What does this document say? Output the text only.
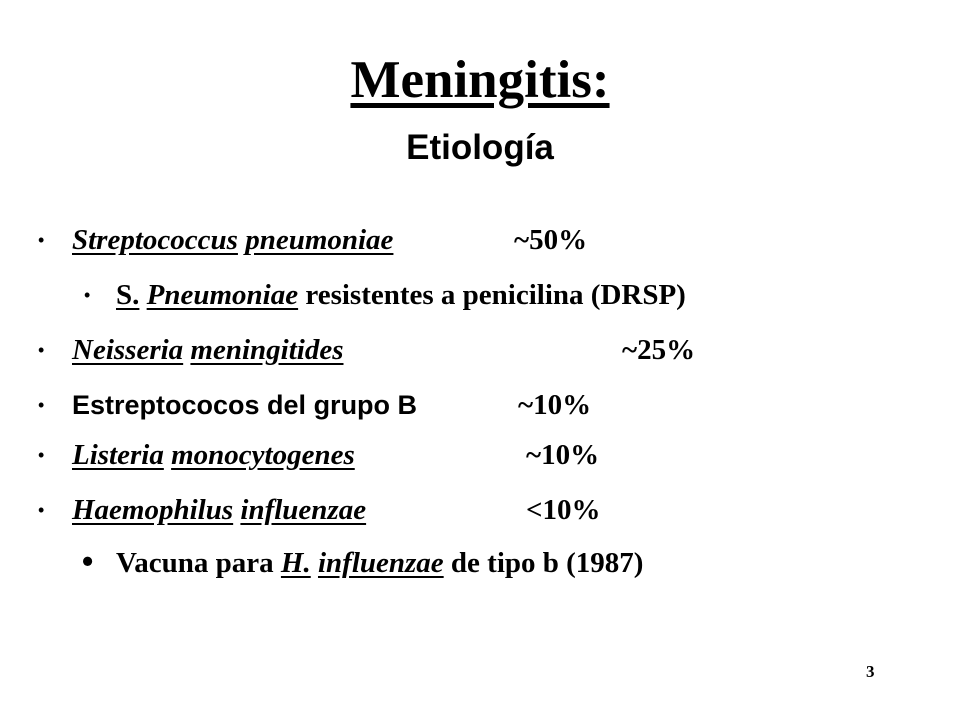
Meningitis:
Etiología
• Streptococcus pneumoniae	~50%
• S. Pneumoniae resistentes a penicilina (DRSP)
• Neisseria meningitides	~25%
• Estreptococos del grupo B	~10%
• Listeria monocytogenes	~10%
• Haemophilus influenzae	<10%
• Vacuna para H. influenzae de tipo b (1987)
3
